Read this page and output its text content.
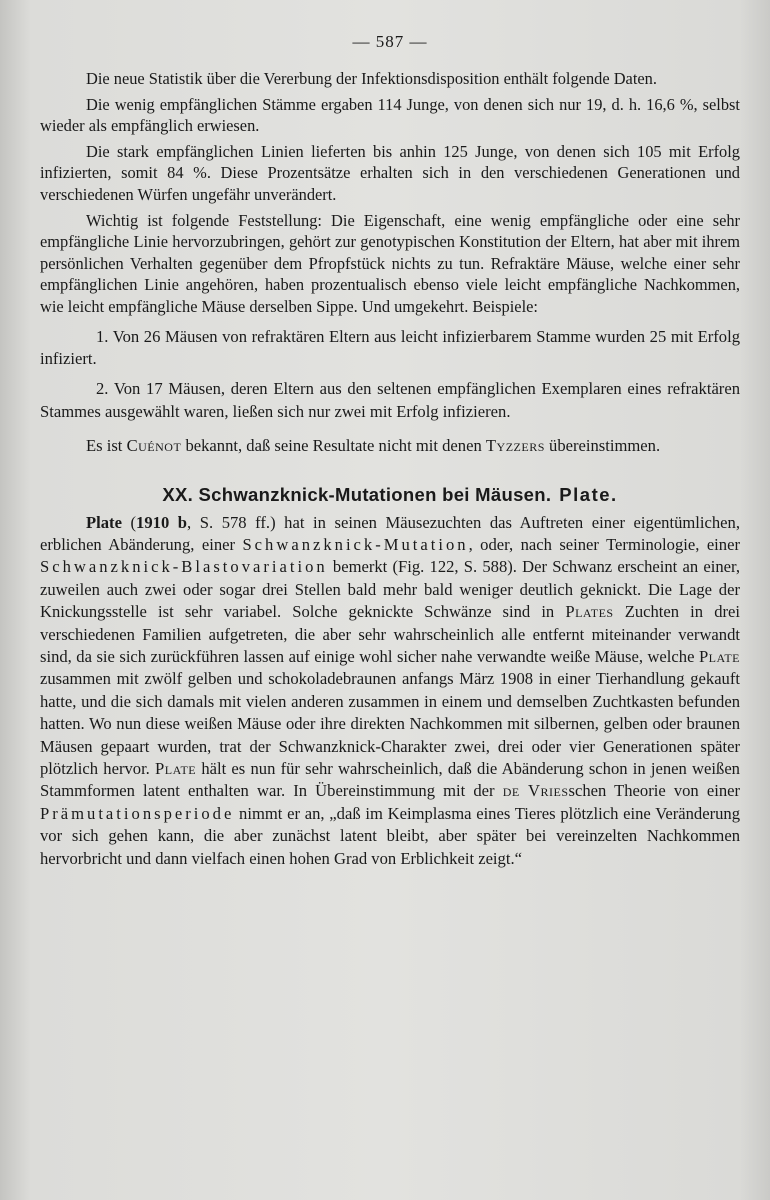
— 587 —

Die neue Statistik über die Vererbung der Infektionsdisposition enthält folgende Daten.

Die wenig empfänglichen Stämme ergaben 114 Junge, von denen sich nur 19, d. h. 16,6 %, selbst wieder als empfänglich erwiesen.

Die stark empfänglichen Linien lieferten bis anhin 125 Junge, von denen sich 105 mit Erfolg infizierten, somit 84 %. Diese Prozentsätze erhalten sich in den verschiedenen Generationen und verschiedenen Würfen ungefähr unverändert.

Wichtig ist folgende Feststellung: Die Eigenschaft, eine wenig empfängliche oder eine sehr empfängliche Linie hervorzubringen, gehört zur genotypischen Konstitution der Eltern, hat aber mit ihrem persönlichen Verhalten gegenüber dem Pfropfstück nichts zu tun. Refraktäre Mäuse, welche einer sehr empfänglichen Linie angehören, haben prozentualisch ebenso viele leicht empfängliche Nachkommen, wie leicht empfängliche Mäuse derselben Sippe. Und umgekehrt. Beispiele:

1. Von 26 Mäusen von refraktären Eltern aus leicht infizierbarem Stamme wurden 25 mit Erfolg infiziert.

2. Von 17 Mäusen, deren Eltern aus den seltenen empfänglichen Exemplaren eines refraktären Stammes ausgewählt waren, ließen sich nur zwei mit Erfolg infizieren.

Es ist Cuénot bekannt, daß seine Resultate nicht mit denen Tyzzers übereinstimmen.

XX. Schwanzknick-Mutationen bei Mäusen. Plate.

Plate (1910 b, S. 578 ff.) hat in seinen Mäusezuchten das Auftreten einer eigentümlichen, erblichen Abänderung, einer Schwanzknick-Mutation, oder, nach seiner Terminologie, einer Schwanzknick-Blastovariation bemerkt (Fig. 122, S. 588). Der Schwanz erscheint an einer, zuweilen auch zwei oder sogar drei Stellen bald mehr bald weniger deutlich geknickt. Die Lage der Knickungsstelle ist sehr variabel. Solche geknickte Schwänze sind in Plates Zuchten in drei verschiedenen Familien aufgetreten, die aber sehr wahrscheinlich alle entfernt miteinander verwandt sind, da sie sich zurückführen lassen auf einige wohl sicher nahe verwandte weiße Mäuse, welche Plate zusammen mit zwölf gelben und schokoladebraunen anfangs März 1908 in einer Tierhandlung gekauft hatte, und die sich damals mit vielen anderen zusammen in einem und demselben Zuchtkasten befunden hatten. Wo nun diese weißen Mäuse oder ihre direkten Nachkommen mit silbernen, gelben oder braunen Mäusen gepaart wurden, trat der Schwanzknick-Charakter zwei, drei oder vier Generationen später plötzlich hervor. Plate hält es nun für sehr wahrscheinlich, daß die Abänderung schon in jenen weißen Stammformen latent enthalten war. In Übereinstimmung mit der de Vriesschen Theorie von einer Prämutationsperiode nimmt er an, „daß im Keimplasma eines Tieres plötzlich eine Veränderung vor sich gehen kann, die aber zunächst latent bleibt, aber später bei vereinzelten Nachkommen hervorbricht und dann vielfach einen hohen Grad von Erblichkeit zeigt.“
